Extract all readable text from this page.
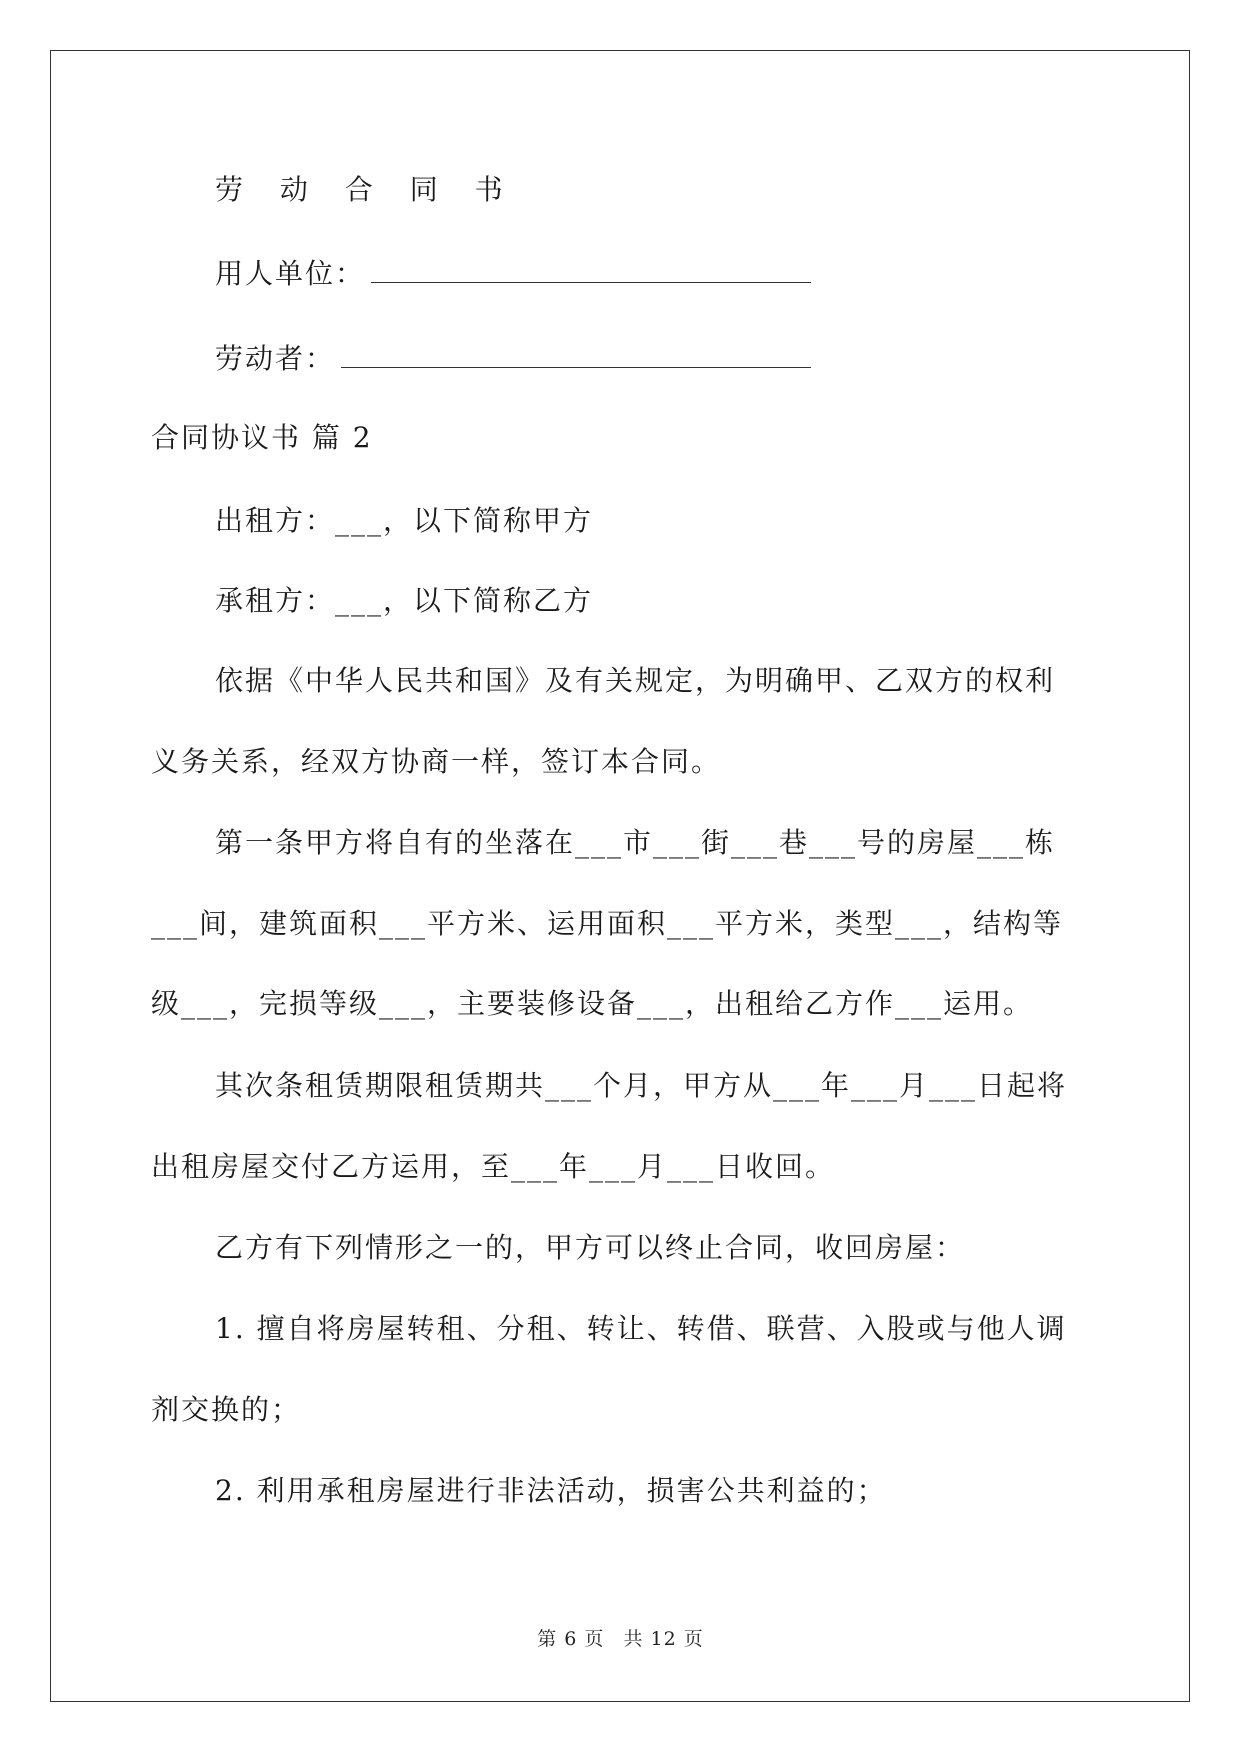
劳 动 合 同 书
用人单位：
劳动者：
合同协议书 篇 2
出租方：___，以下简称甲方
承租方：___，以下简称乙方
依据《中华人民共和国》及有关规定，为明确甲、乙双方的权利
义务关系，经双方协商一样，签订本合同。
第一条甲方将自有的坐落在___市___街___巷___号的房屋___栋
___间，建筑面积___平方米、运用面积___平方米，类型___，结构等
级___，完损等级___，主要装修设备___，出租给乙方作___运用。
其次条租赁期限租赁期共___个月，甲方从___年___月___日起将
出租房屋交付乙方运用，至___年___月___日收回。
乙方有下列情形之一的，甲方可以终止合同，收回房屋：
1. 擅自将房屋转租、分租、转让、转借、联营、入股或与他人调
剂交换的；
2. 利用承租房屋进行非法活动，损害公共利益的；
第 6 页 共 12 页
